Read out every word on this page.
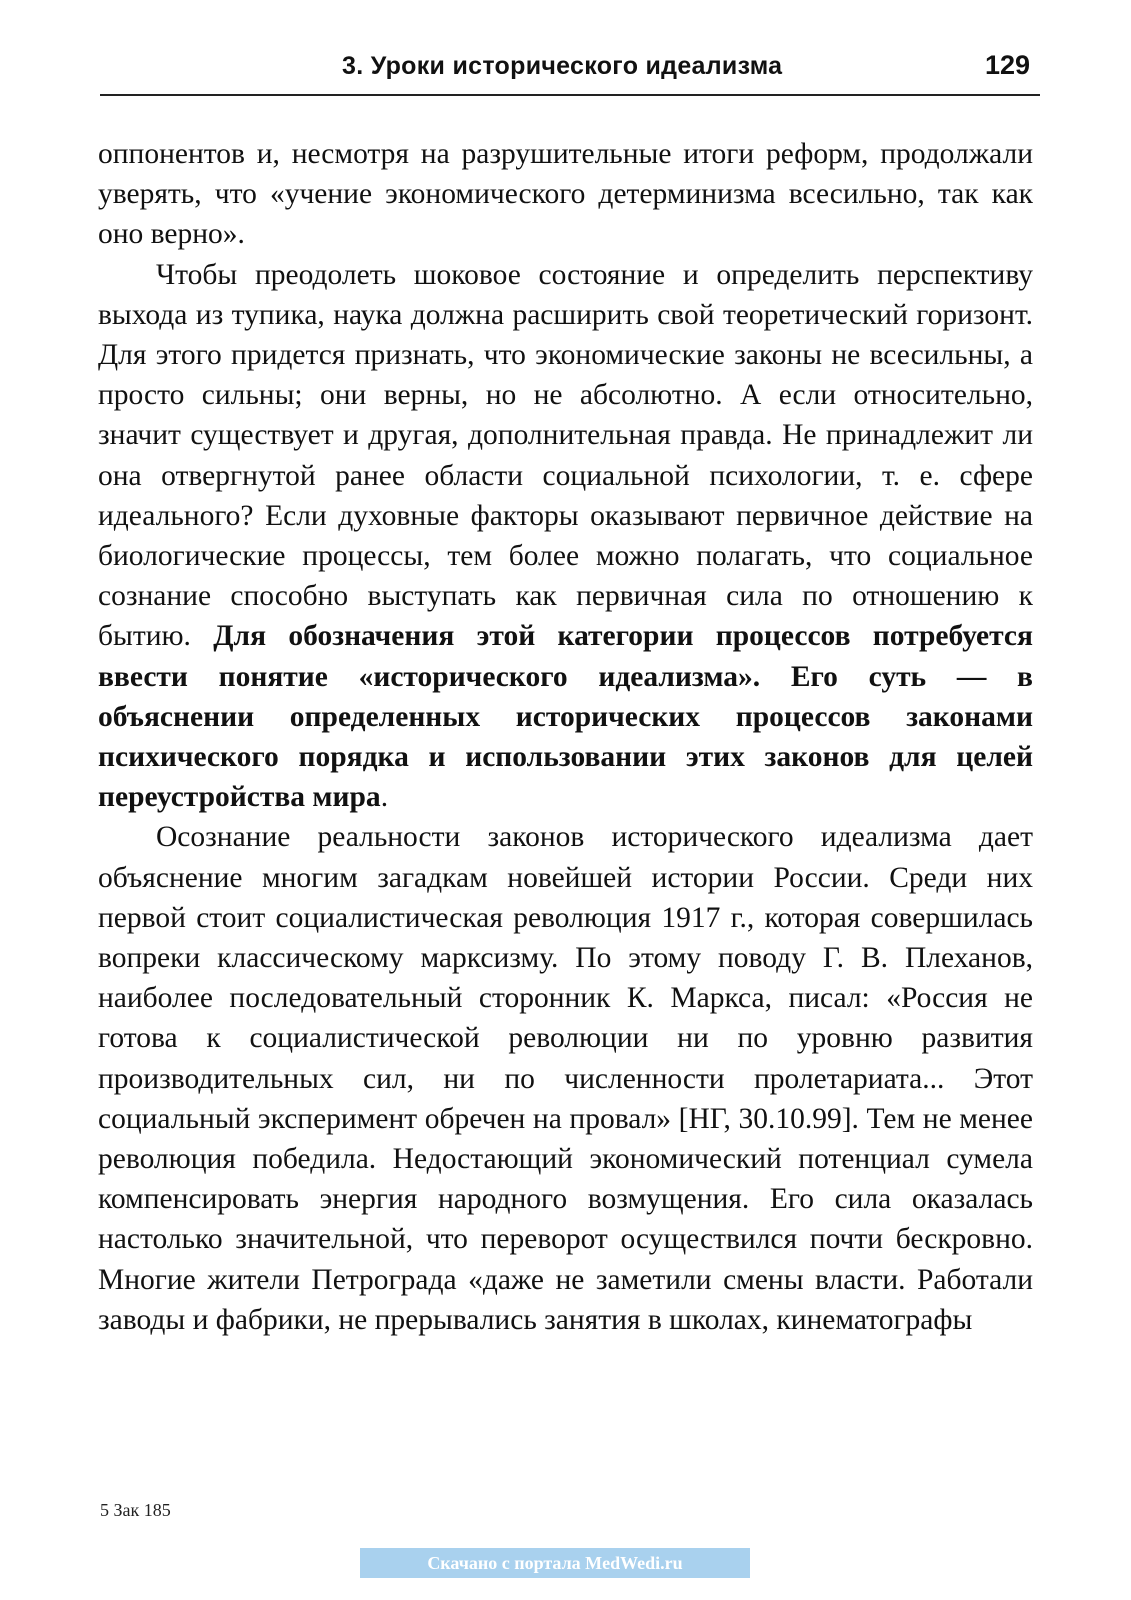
3. Уроки исторического идеализма	129

оппонентов и, несмотря на разрушительные итоги реформ, продолжали уверять, что «учение экономического детерминизма всесильно, так как оно верно».

Чтобы преодолеть шоковое состояние и определить перспективу выхода из тупика, наука должна расширить свой теоретический горизонт. Для этого придется признать, что экономические законы не всесильны, а просто сильны; они верны, но не абсолютно. А если относительно, значит существует и другая, дополнительная правда. Не принадлежит ли она отвергнутой ранее области социальной психологии, т. е. сфере идеального? Если духовные факторы оказывают первичное действие на биологические процессы, тем более можно полагать, что социальное сознание способно выступать как первичная сила по отношению к бытию. Для обозначения этой категории процессов потребуется ввести понятие «исторического идеализма». Его суть — в объяснении определенных исторических процессов законами психического порядка и использовании этих законов для целей переустройства мира.

Осознание реальности законов исторического идеализма дает объяснение многим загадкам новейшей истории России. Среди них первой стоит социалистическая революция 1917 г., которая совершилась вопреки классическому марксизму. По этому поводу Г. В. Плеханов, наиболее последовательный сторонник К. Маркса, писал: «Россия не готова к социалистической революции ни по уровню развития производительных сил, ни по численности пролетариата... Этот социальный эксперимент обречен на провал» [НГ, 30.10.99]. Тем не менее революция победила. Недостающий экономический потенциал сумела компенсировать энергия народного возмущения. Его сила оказалась настолько значительной, что переворот осуществился почти бескровно. Многие жители Петрограда «даже не заметили смены власти. Работали заводы и фабрики, не прерывались занятия в школах, кинематографы

5 Зак 185
Скачано с портала MedWedi.ru
